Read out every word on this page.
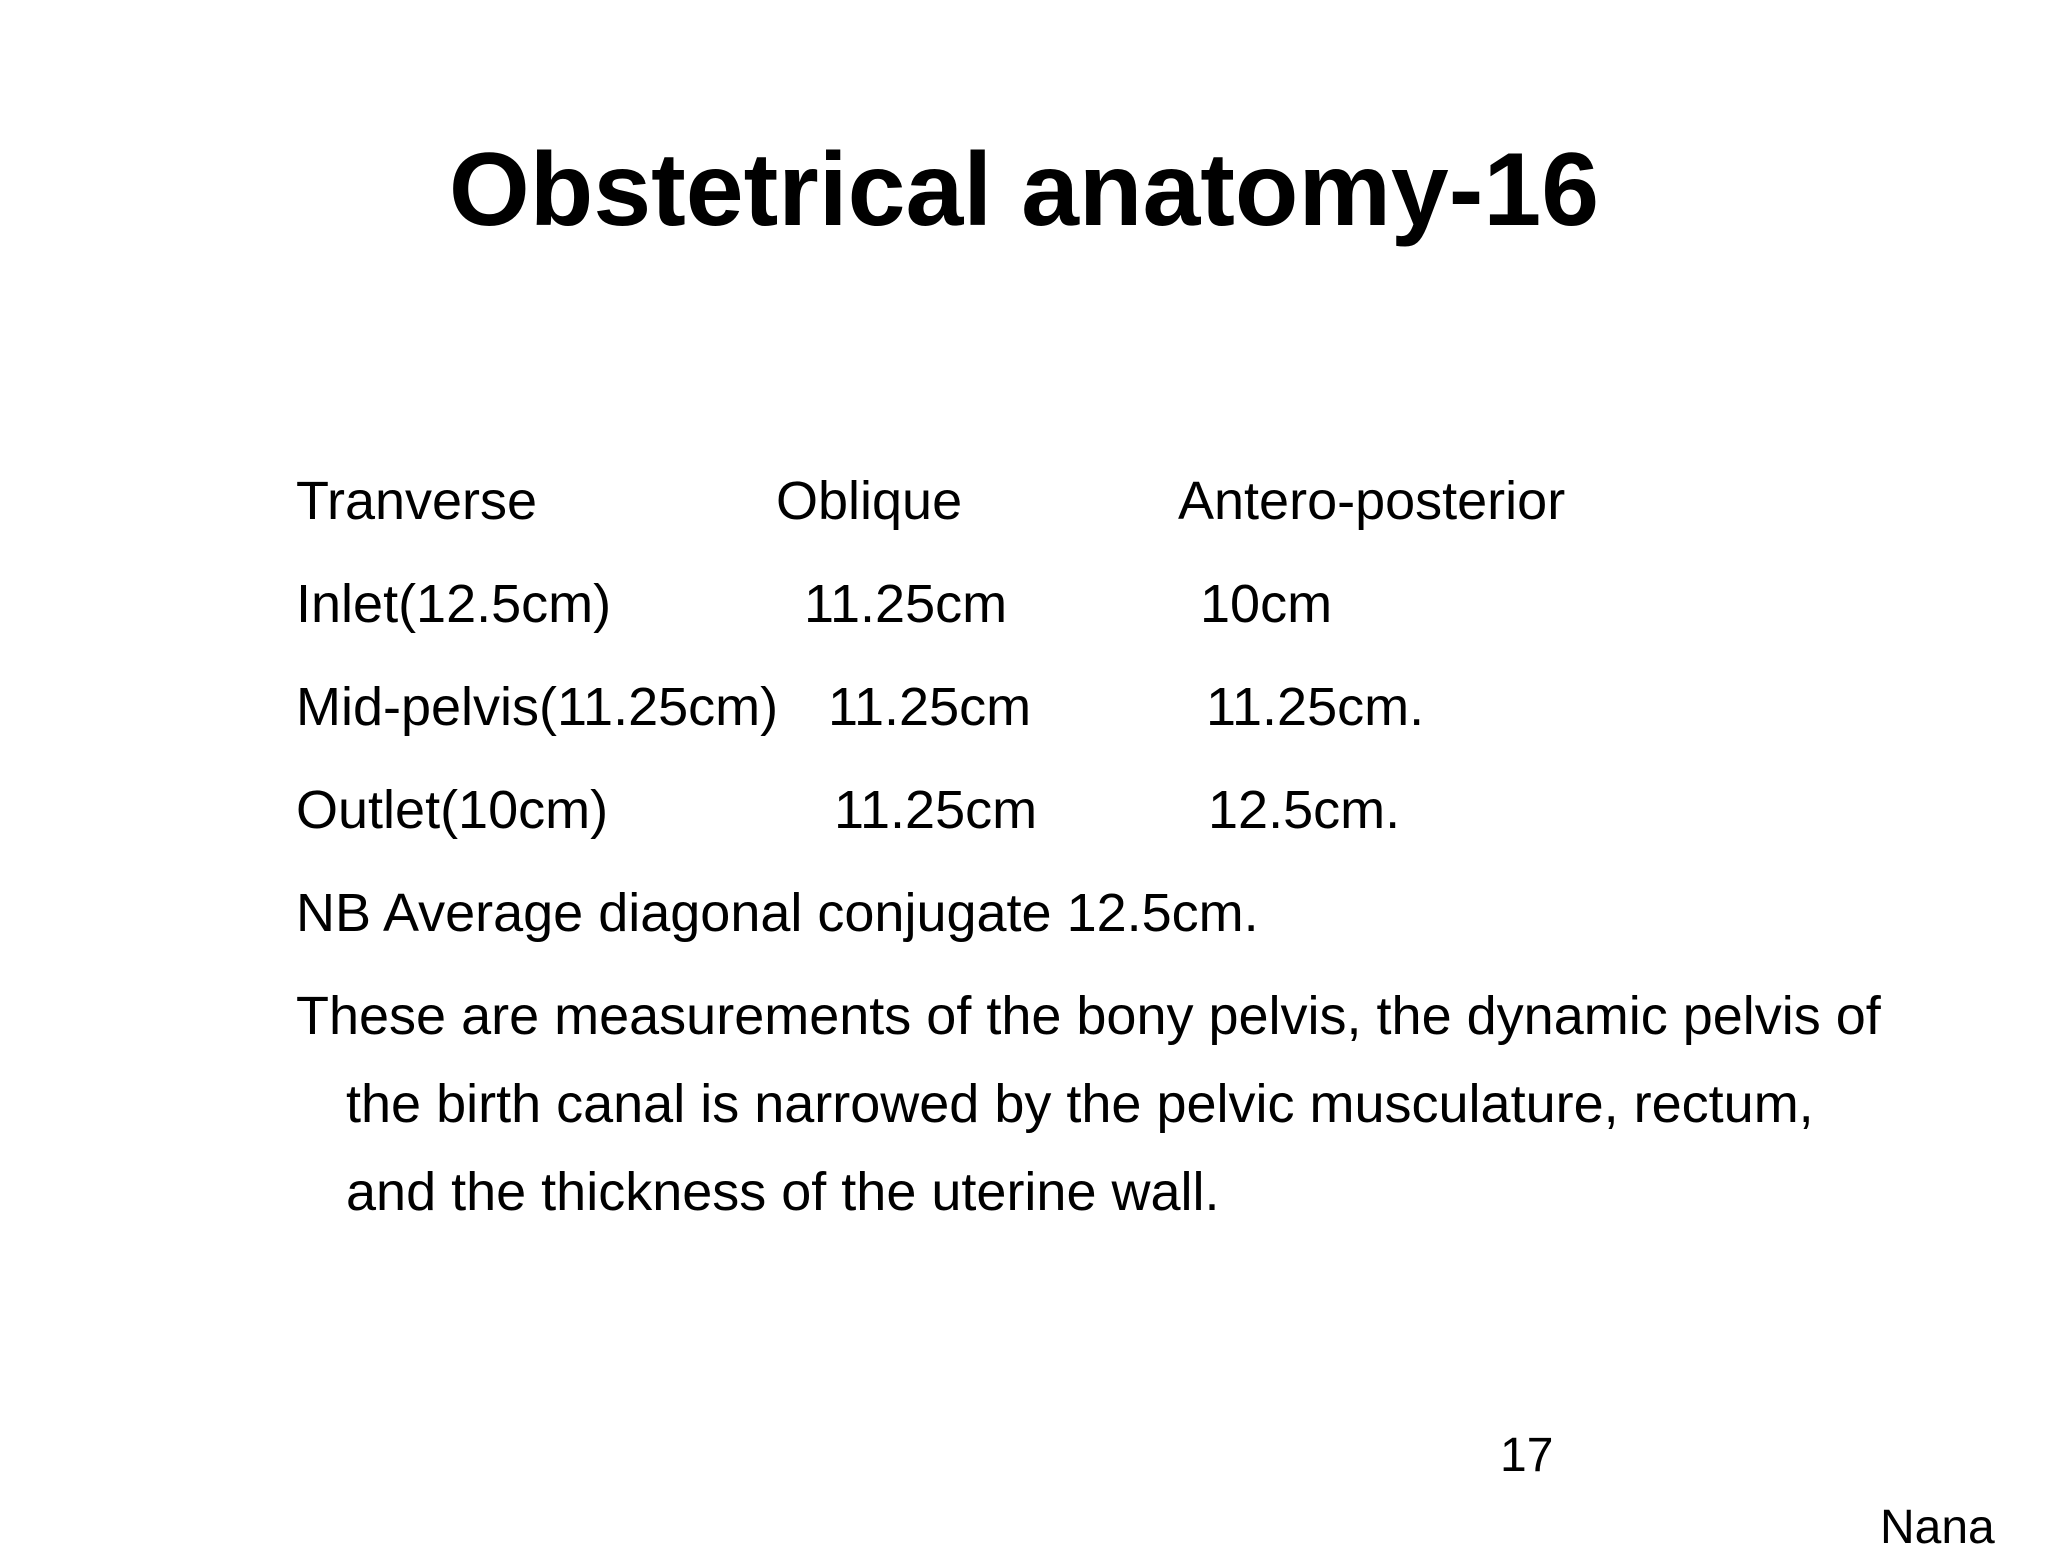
Obstetrical anatomy-16
Tranverse	Oblique	Antero-posterior
Inlet(12.5cm)	11.25cm	10cm
Mid-pelvis(11.25cm) 11.25cm	11.25cm.
Outlet(10cm)	11.25cm	12.5cm.
NB Average diagonal conjugate 12.5cm.
These are measurements of the bony pelvis, the dynamic pelvis of
the birth canal is narrowed by the pelvic musculature, rectum,
and the thickness of the uterine wall.
17
Nana
